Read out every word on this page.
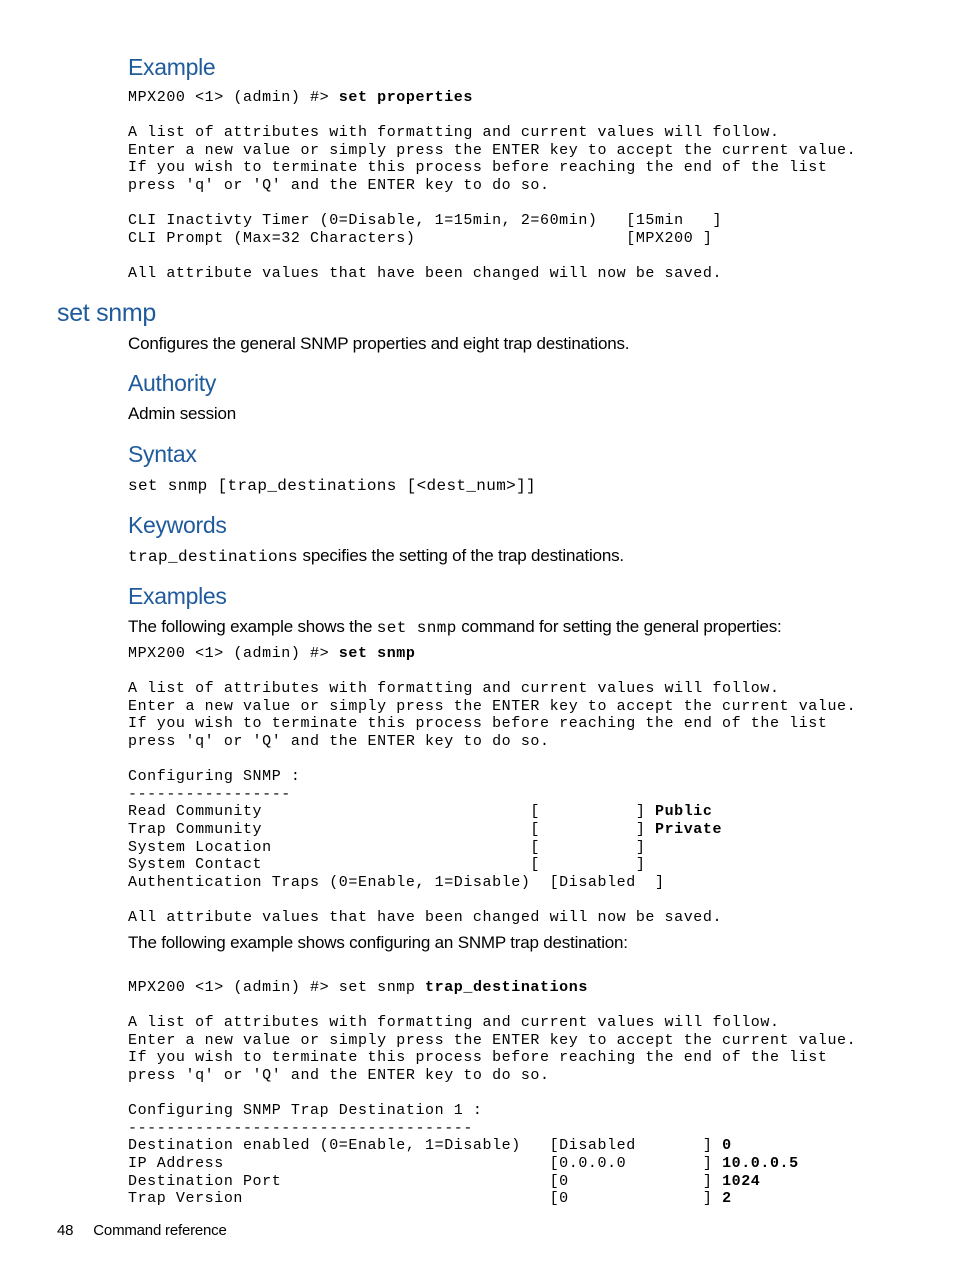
Example
MPX200 <1> (admin) #> set properties

A list of attributes with formatting and current values will follow.
Enter a new value or simply press the ENTER key to accept the current value.
If you wish to terminate this process before reaching the end of the list
press 'q' or 'Q' and the ENTER key to do so.

CLI Inactivty Timer (0=Disable, 1=15min, 2=60min)   [15min   ]
CLI Prompt (Max=32 Characters)                      [MPX200 ]

All attribute values that have been changed will now be saved.
set snmp

Configures the general SNMP properties and eight trap destinations.

Authority

Admin session

Syntax

set snmp [trap_destinations [<dest_num>]]

Keywords

trap_destinations specifies the setting of the trap destinations.

Examples

The following example shows the set snmp command for setting the general properties:

MPX200 <1> (admin) #> set snmp

A list of attributes with formatting and current values will follow.
Enter a new value or simply press the ENTER key to accept the current value.
If you wish to terminate this process before reaching the end of the list
press 'q' or 'Q' and the ENTER key to do so.

Configuring SNMP :
-----------------
Read Community                            [          ] Public
Trap Community                            [          ] Private
System Location                           [          ]
System Contact                            [          ]
Authentication Traps (0=Enable, 1=Disable)  [Disabled  ]

All attribute values that have been changed will now be saved.

The following example shows configuring an SNMP trap destination:

MPX200 <1> (admin) #> set snmp trap_destinations

A list of attributes with formatting and current values will follow.
Enter a new value or simply press the ENTER key to accept the current value.
If you wish to terminate this process before reaching the end of the list
press 'q' or 'Q' and the ENTER key to do so.

Configuring SNMP Trap Destination 1 :
------------------------------------
Destination enabled (0=Enable, 1=Disable)   [Disabled       ] 0
IP Address                                  [0.0.0.0        ] 10.0.0.5
Destination Port                            [0              ] 1024
Trap Version                                [0              ] 2
48 Command reference
